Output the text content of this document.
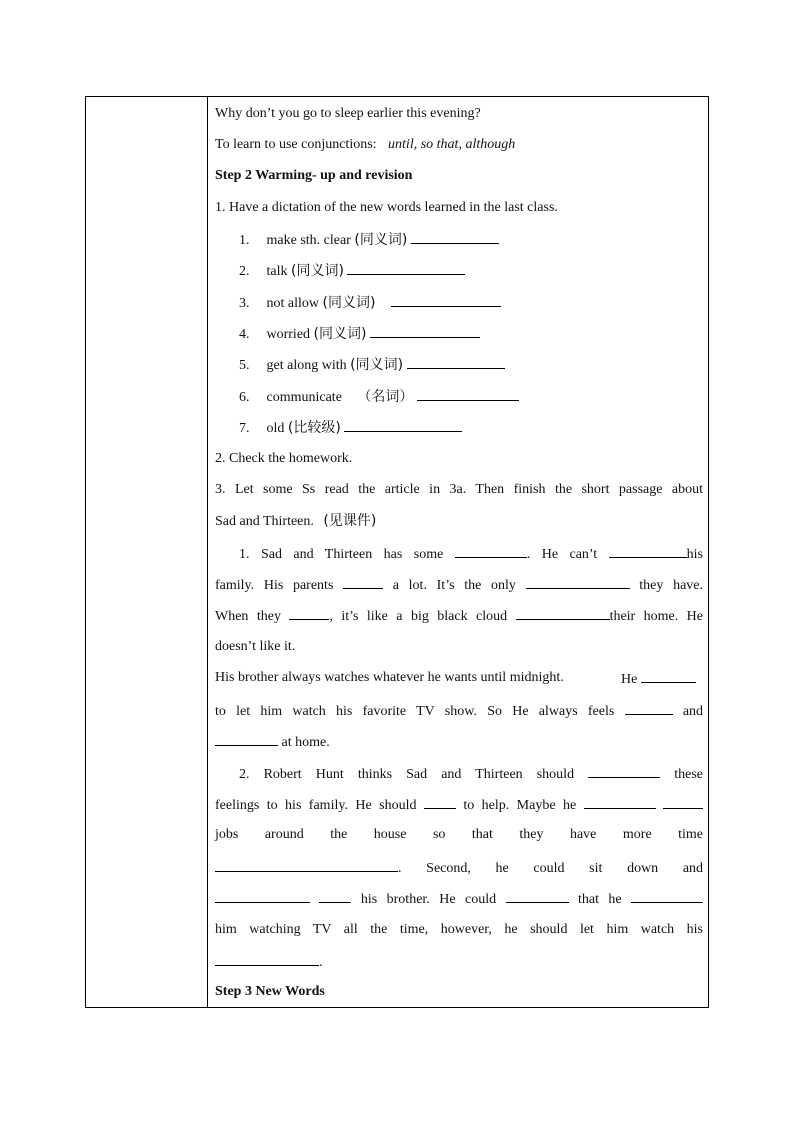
Why don’t you go to sleep earlier this evening?
To learn to use conjunctions: until, so that, although
Step 2 Warming- up and revision
1. Have a dictation of the new words learned in the last class.
1. make sth. clear (同义词)
2. talk (同义词)
3. not allow (同义词)
4. worried (同义词)
5. get along with (同义词)
6. communicate （名词）
7. old (比较级)
2. Check the homework.
3. Let some Ss read the article in 3a. Then finish the short passage about
Sad and Thirteen. (见课件)
1. Sad and Thirteen has some	. He can’t	his
family. His parents	a lot. It’s the only	they have.
When they	, it’s like a big black cloud	their home. He
doesn’t like it.
His brother always watches whatever he wants until midnight.	He
to let him watch his favorite TV show. So He always feels	and
at home.
2. Robert Hunt thinks Sad and Thirteen should	these
feelings to his family. He should	to help. Maybe he
jobs around the house so that they have more time
. Second, he could sit down and
his brother. He could	that he
him watching TV all the time, however, he should let him watch his
.
Step 3 New Words
